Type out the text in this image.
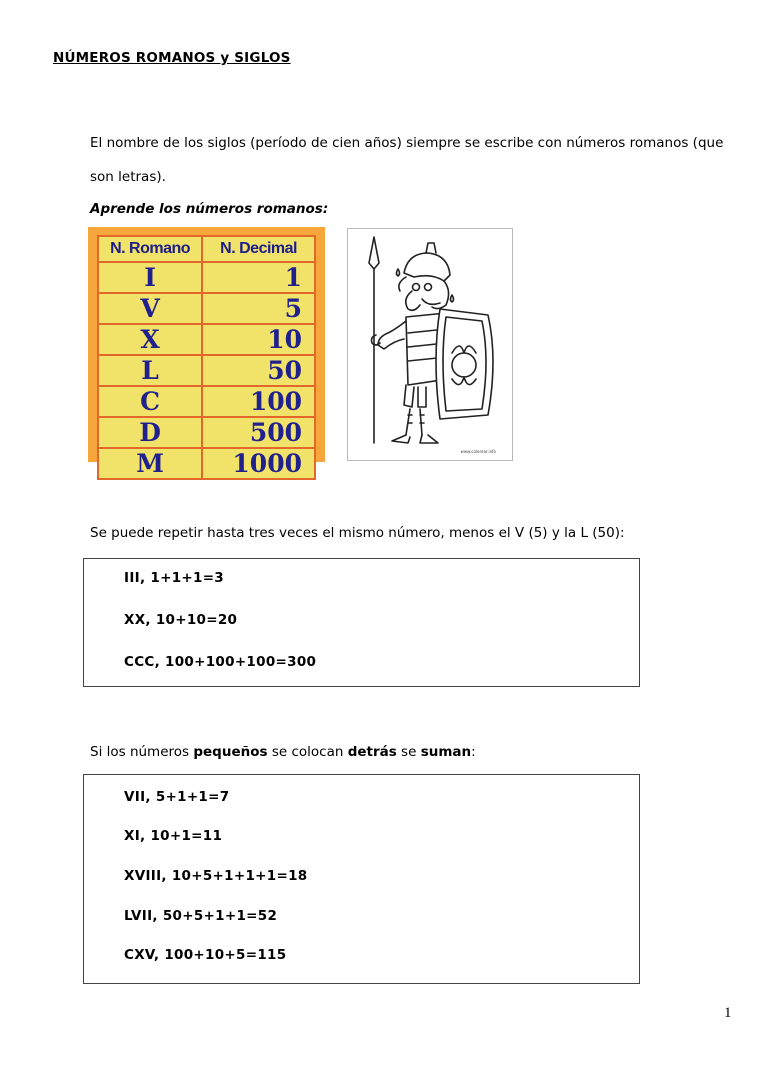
NÚMEROS ROMANOS y SIGLOS
El nombre de los siglos (período de cien años) siempre se escribe con números romanos (que son letras).
Aprende los números romanos:
N. Romano	N. Decimal
I	1
V	5
X	10
L	50
C	100
D	500
M	1000	www.colorear.info
Se puede repetir hasta tres veces el mismo número, menos el V (5) y la L (50):
III, 1+1+1=3
XX, 10+10=20
CCC, 100+100+100=300
Si los números pequeños se colocan detrás se suman:
VII, 5+1+1=7
XI, 10+1=11
XVIII, 10+5+1+1+1=18
LVII, 50+5+1+1=52
CXV, 100+10+5=115
1
